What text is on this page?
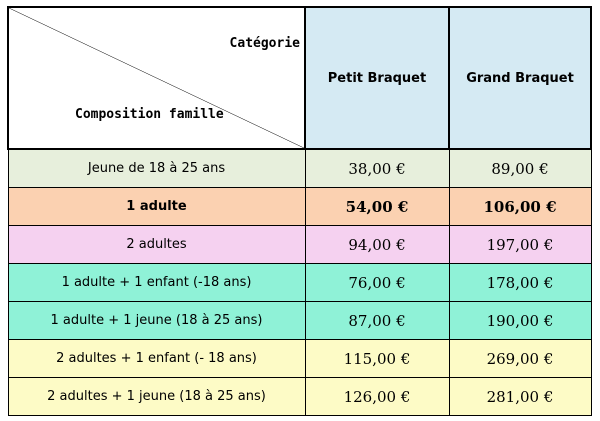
Catégorie
Composition famille	Petit Braquet	Grand Braquet
Jeune de 18 à 25 ans	38,00 €	89,00 €
1 adulte	54,00 €	106,00 €
2 adultes	94,00 €	197,00 €
1 adulte + 1 enfant (-18 ans)	76,00 €	178,00 €
1 adulte + 1 jeune (18 à 25 ans)	87,00 €	190,00 €
2 adultes + 1 enfant (- 18 ans)	115,00 €	269,00 €
2 adultes + 1 jeune (18 à 25 ans)	126,00 €	281,00 €
